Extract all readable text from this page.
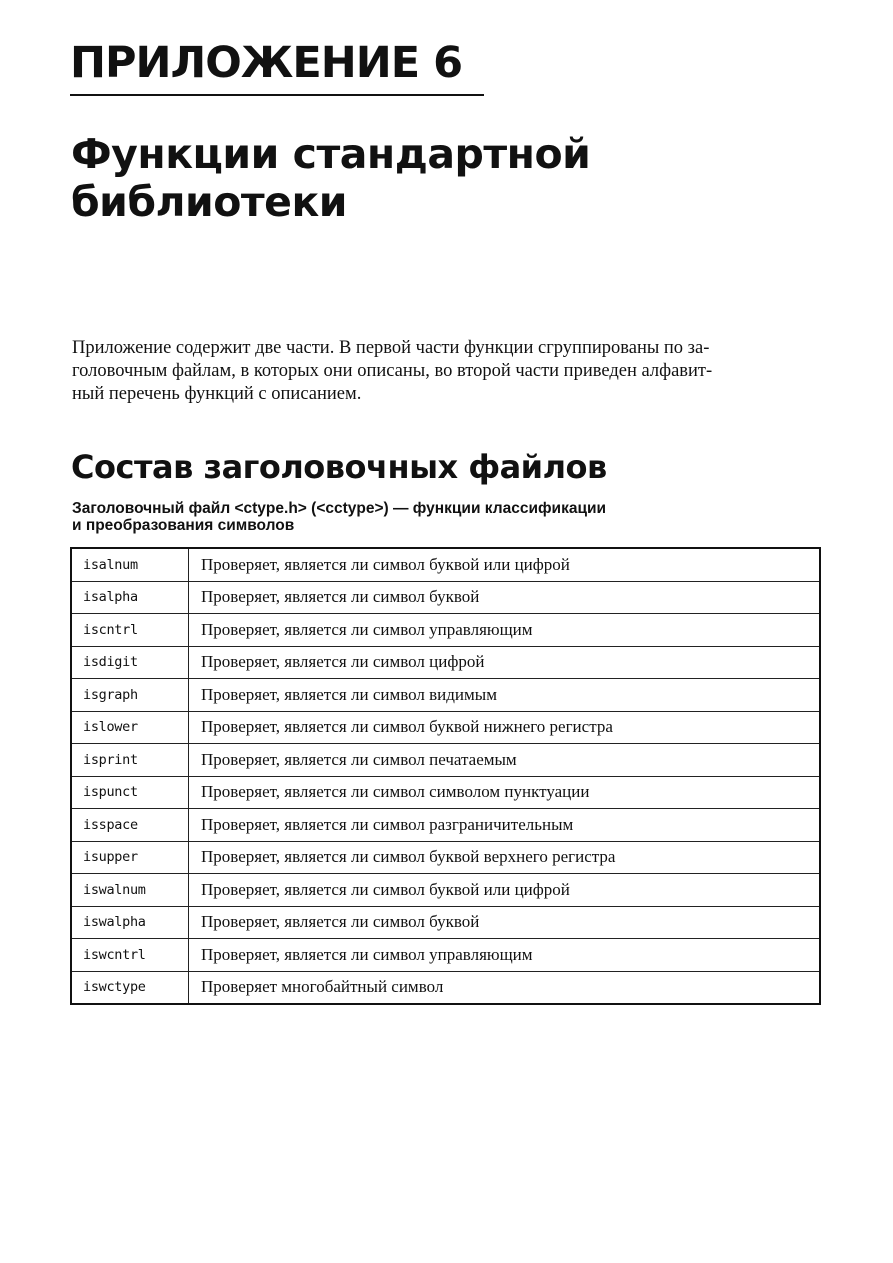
ПРИЛОЖЕНИЕ 6
Функции стандартной
библиотеки

Приложение содержит две части. В первой части функции сгруппированы по за-
головочным файлам, в которых они описаны, во второй части приведен алфавит-
ный перечень функций с описанием.

Состав заголовочных файлов

Заголовочный файл <ctype.h> (<cctype>) — функции классификации
и преобразования символов

isalnum	Проверяет, является ли символ буквой или цифрой
isalpha	Проверяет, является ли символ буквой
iscntrl	Проверяет, является ли символ управляющим
isdigit	Проверяет, является ли символ цифрой
isgraph	Проверяет, является ли символ видимым
islower	Проверяет, является ли символ буквой нижнего регистра
isprint	Проверяет, является ли символ печатаемым
ispunct	Проверяет, является ли символ символом пунктуации
isspace	Проверяет, является ли символ разграничительным
isupper	Проверяет, является ли символ буквой верхнего регистра
iswalnum	Проверяет, является ли символ буквой или цифрой
iswalpha	Проверяет, является ли символ буквой
iswcntrl	Проверяет, является ли символ управляющим
iswctype	Проверяет многобайтный символ
